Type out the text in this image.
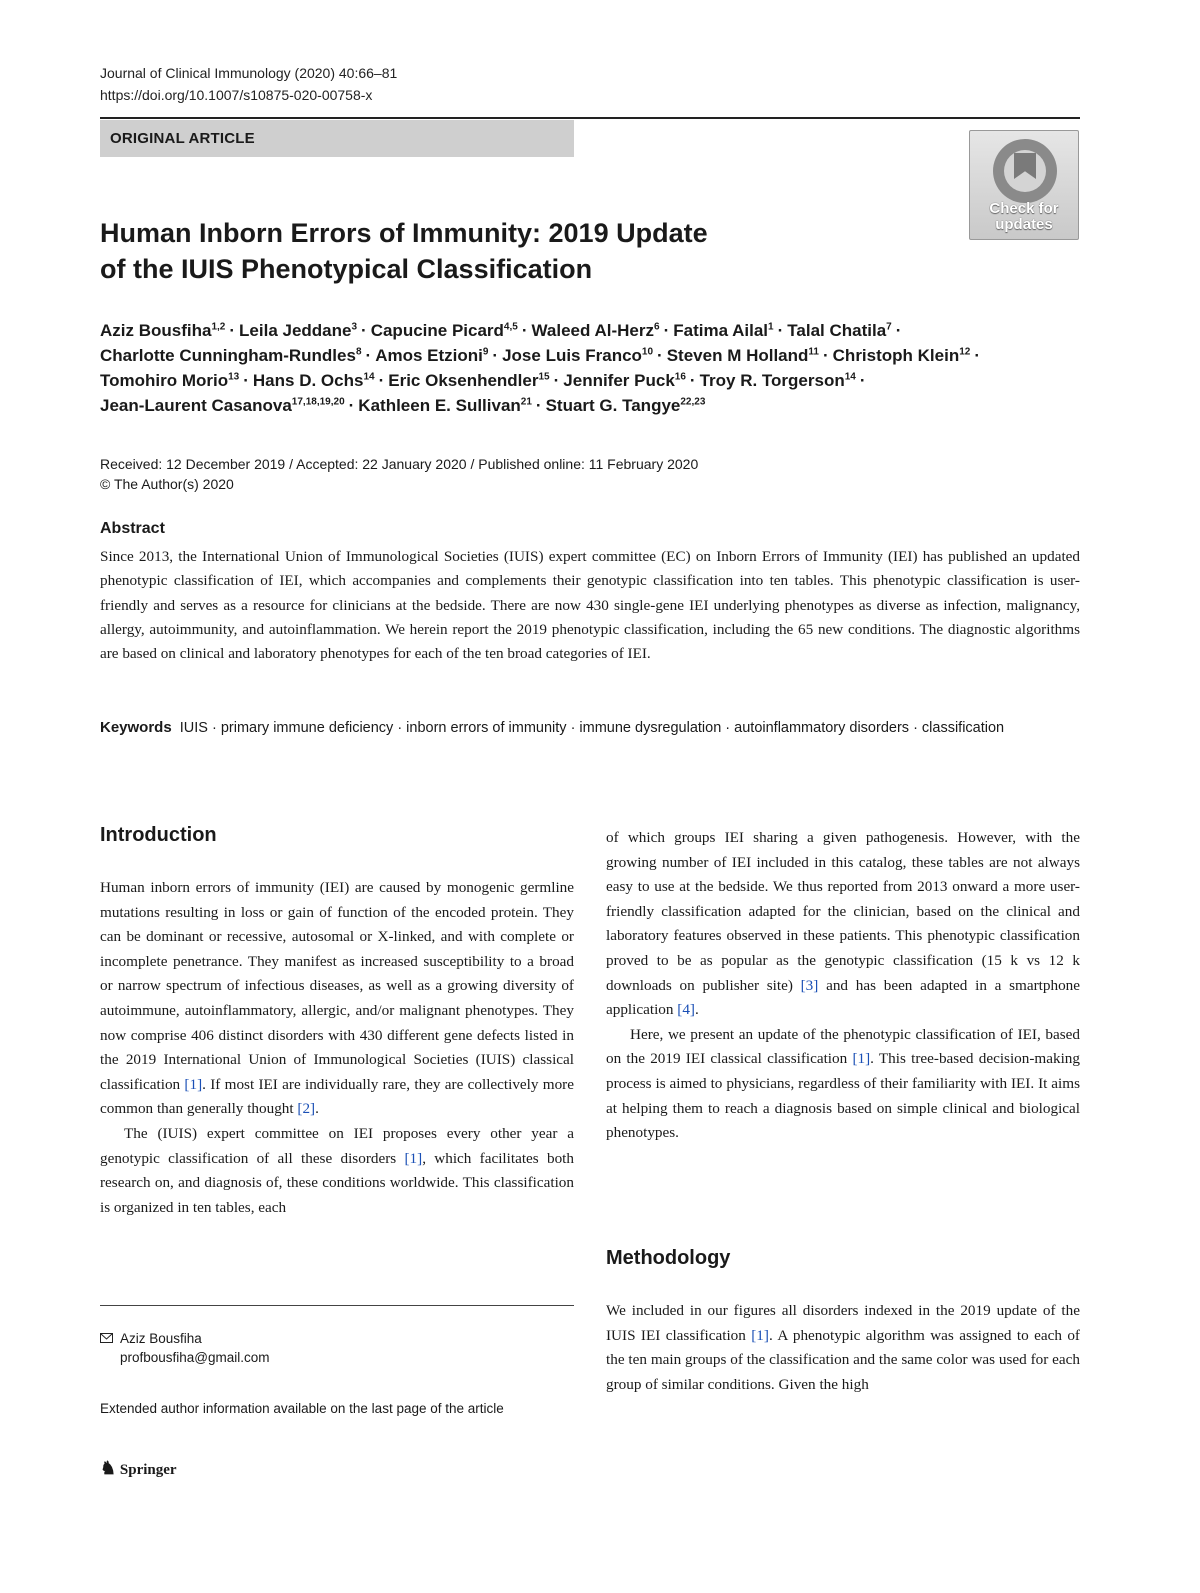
Journal of Clinical Immunology (2020) 40:66–81
https://doi.org/10.1007/s10875-020-00758-x
ORIGINAL ARTICLE
Check for
updates
Human Inborn Errors of Immunity: 2019 Update
of the IUIS Phenotypical Classification
Aziz Bousfiha$^{1,2}$ · Leila Jeddane$^3$ · Capucine Picard$^{4,5}$ · Waleed Al-Herz$^6$ · Fatima Ailal$^1$ · Talal Chatila$^7$ ·
Charlotte Cunningham-Rundles$^8$ · Amos Etzioni$^9$ · Jose Luis Franco$^{10}$ · Steven M Holland$^{11}$ · Christoph Klein$^{12}$ ·
Tomohiro Morio$^{13}$ · Hans D. Ochs$^{14}$ · Eric Oksenhendler$^{15}$ · Jennifer Puck$^{16}$ · Troy R. Torgerson$^{14}$ ·
Jean-Laurent Casanova$^{17,18,19,20}$ · Kathleen E. Sullivan$^{21}$ · Stuart G. Tangye$^{22,23}$
Received: 12 December 2019 / Accepted: 22 January 2020 / Published online: 11 February 2020
© The Author(s) 2020
Abstract
Since 2013, the International Union of Immunological Societies (IUIS) expert committee (EC) on Inborn Errors of Immunity (IEI) has published an updated phenotypic classification of IEI, which accompanies and complements their genotypic classification into ten tables. This phenotypic classification is user-friendly and serves as a resource for clinicians at the bedside. There are now 430 single-gene IEI underlying phenotypes as diverse as infection, malignancy, allergy, autoimmunity, and autoinflammation. We herein report the 2019 phenotypic classification, including the 65 new conditions. The diagnostic algorithms are based on clinical and laboratory phenotypes for each of the ten broad categories of IEI.
Keywords IUIS · primary immune deficiency · inborn errors of immunity · immune dysregulation · autoinflammatory disorders · classification
Introduction

Human inborn errors of immunity (IEI) are caused by monogenic germline mutations resulting in loss or gain of function of the encoded protein. They can be dominant or recessive, autosomal or X-linked, and with complete or incomplete penetrance. They manifest as increased susceptibility to a broad or narrow spectrum of infectious diseases, as well as a growing diversity of autoimmune, autoinflammatory, allergic, and/or malignant phenotypes. They now comprise 406 distinct disorders with 430 different gene defects listed in the 2019 International Union of Immunological Societies (IUIS) classical classification [1]. If most IEI are individually rare, they are collectively more common than generally thought [2].

The (IUIS) expert committee on IEI proposes every other year a genotypic classification of all these disorders [1], which facilitates both research on, and diagnosis of, these conditions worldwide. This classification is organized in ten tables, each

Aziz Bousfiha
profbousfiha@gmail.com
Extended author information available on the last page of the article
♞ Springer

of which groups IEI sharing a given pathogenesis. However, with the growing number of IEI included in this catalog, these tables are not always easy to use at the bedside. We thus reported from 2013 onward a more user-friendly classification adapted for the clinician, based on the clinical and laboratory features observed in these patients. This phenotypic classification proved to be as popular as the genotypic classification (15 k vs 12 k downloads on publisher site) [3] and has been adapted in a smartphone application [4].

Here, we present an update of the phenotypic classification of IEI, based on the 2019 IEI classical classification [1]. This tree-based decision-making process is aimed to physicians, regardless of their familiarity with IEI. It aims at helping them to reach a diagnosis based on simple clinical and biological phenotypes.

Methodology

We included in our figures all disorders indexed in the 2019 update of the IUIS IEI classification [1]. A phenotypic algorithm was assigned to each of the ten main groups of the classification and the same color was used for each group of similar conditions. Given the high
